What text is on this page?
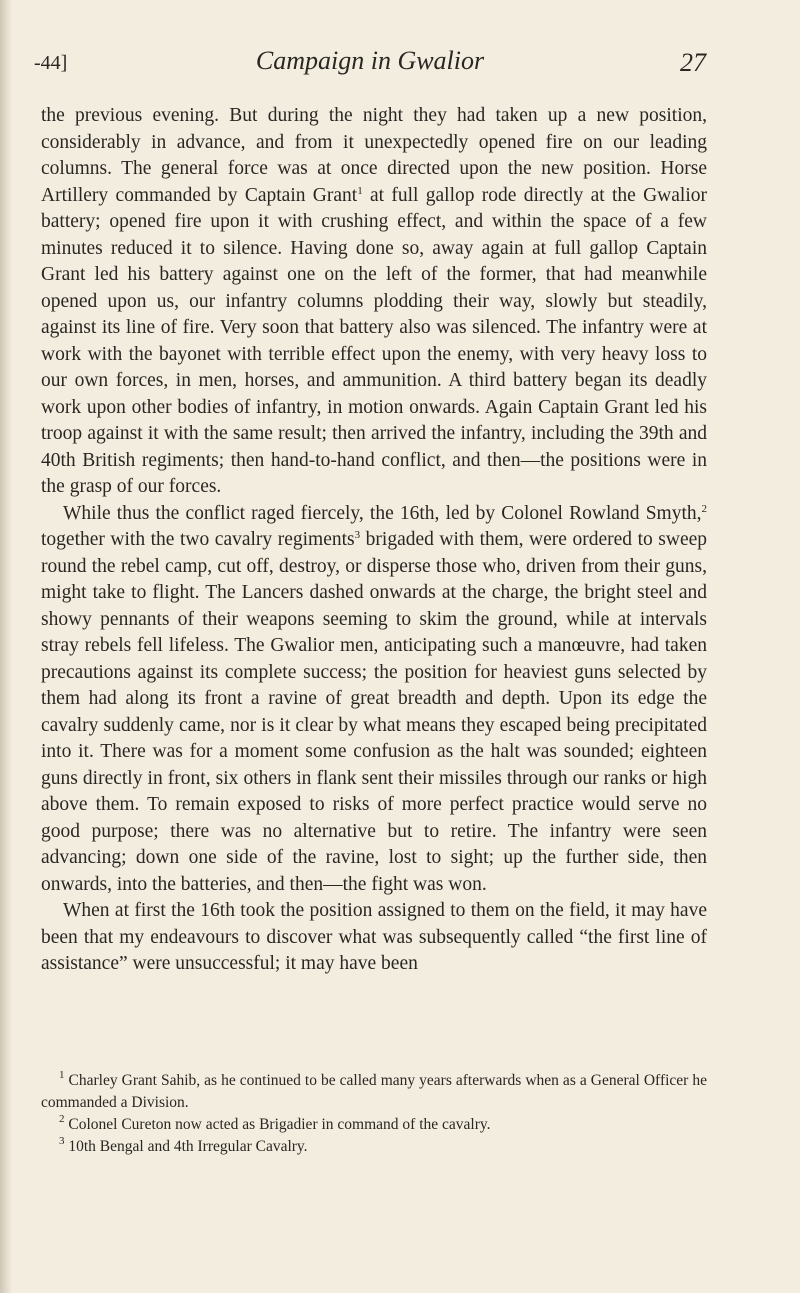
-44]	Campaign in Gwalior	27

the previous evening. But during the night they had taken up a new position, considerably in advance, and from it unexpectedly opened fire on our leading columns. The general force was at once directed upon the new position. Horse Artillery commanded by Captain Grant$^1$ at full gallop rode directly at the Gwalior battery; opened fire upon it with crushing effect, and within the space of a few minutes reduced it to silence. Having done so, away again at full gallop Captain Grant led his battery against one on the left of the former, that had meanwhile opened upon us, our infantry columns plodding their way, slowly but steadily, against its line of fire. Very soon that battery also was silenced. The infantry were at work with the bayonet with terrible effect upon the enemy, with very heavy loss to our own forces, in men, horses, and ammunition. A third battery began its deadly work upon other bodies of infantry, in motion onwards. Again Captain Grant led his troop against it with the same result; then arrived the infantry, including the 39th and 40th British regiments; then hand-to-hand conflict, and then—the positions were in the grasp of our forces.

While thus the conflict raged fiercely, the 16th, led by Colonel Rowland Smyth,$^2$ together with the two cavalry regiments$^3$ brigaded with them, were ordered to sweep round the rebel camp, cut off, destroy, or disperse those who, driven from their guns, might take to flight. The Lancers dashed onwards at the charge, the bright steel and showy pennants of their weapons seeming to skim the ground, while at intervals stray rebels fell lifeless. The Gwalior men, anticipating such a manœuvre, had taken precautions against its complete success; the position for heaviest guns selected by them had along its front a ravine of great breadth and depth. Upon its edge the cavalry suddenly came, nor is it clear by what means they escaped being precipitated into it. There was for a moment some confusion as the halt was sounded; eighteen guns directly in front, six others in flank sent their missiles through our ranks or high above them. To remain exposed to risks of more perfect practice would serve no good purpose; there was no alternative but to retire. The infantry were seen advancing; down one side of the ravine, lost to sight; up the further side, then onwards, into the batteries, and then—the fight was won.

When at first the 16th took the position assigned to them on the field, it may have been that my endeavours to discover what was subsequently called “the first line of assistance” were unsuccessful; it may have been

$^1$ Charley Grant Sahib, as he continued to be called many years afterwards when as a General Officer he commanded a Division.

$^2$ Colonel Cureton now acted as Brigadier in command of the cavalry.

$^3$ 10th Bengal and 4th Irregular Cavalry.
